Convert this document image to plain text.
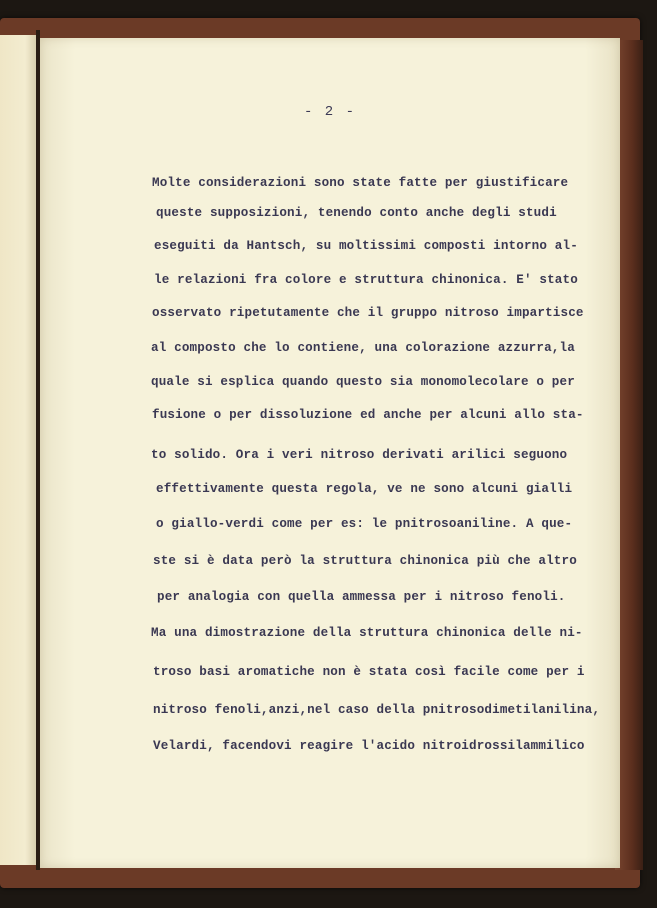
- 2 -
Molte considerazioni sono state fatte per giustificare
queste supposizioni, tenendo conto anche degli studi
eseguiti da Hantsch, su moltissimi composti intorno al-
le relazioni fra colore e struttura chinonica. E' stato
osservato ripetutamente che il gruppo nitroso impartisce
al composto che lo contiene, una colorazione azzurra,la
quale si esplica quando questo sia monomolecolare o per
fusione o per dissoluzione ed anche per alcuni allo sta-
to solido. Ora i veri nitroso derivati arilici seguono
effettivamente questa regola, ve ne sono alcuni gialli
o giallo-verdi come per es: le pnitrosoaniline. A que-
ste si è data però la struttura chinonica più che altro
per analogia con quella ammessa per i nitroso fenoli.
Ma una dimostrazione della struttura chinonica delle ni-
troso basi aromatiche non è stata così facile come per i
nitroso fenoli,anzi,nel caso della pnitrosodimetilanilina,
Velardi, facendovi reagire l'acido nitroidrossilammilico
